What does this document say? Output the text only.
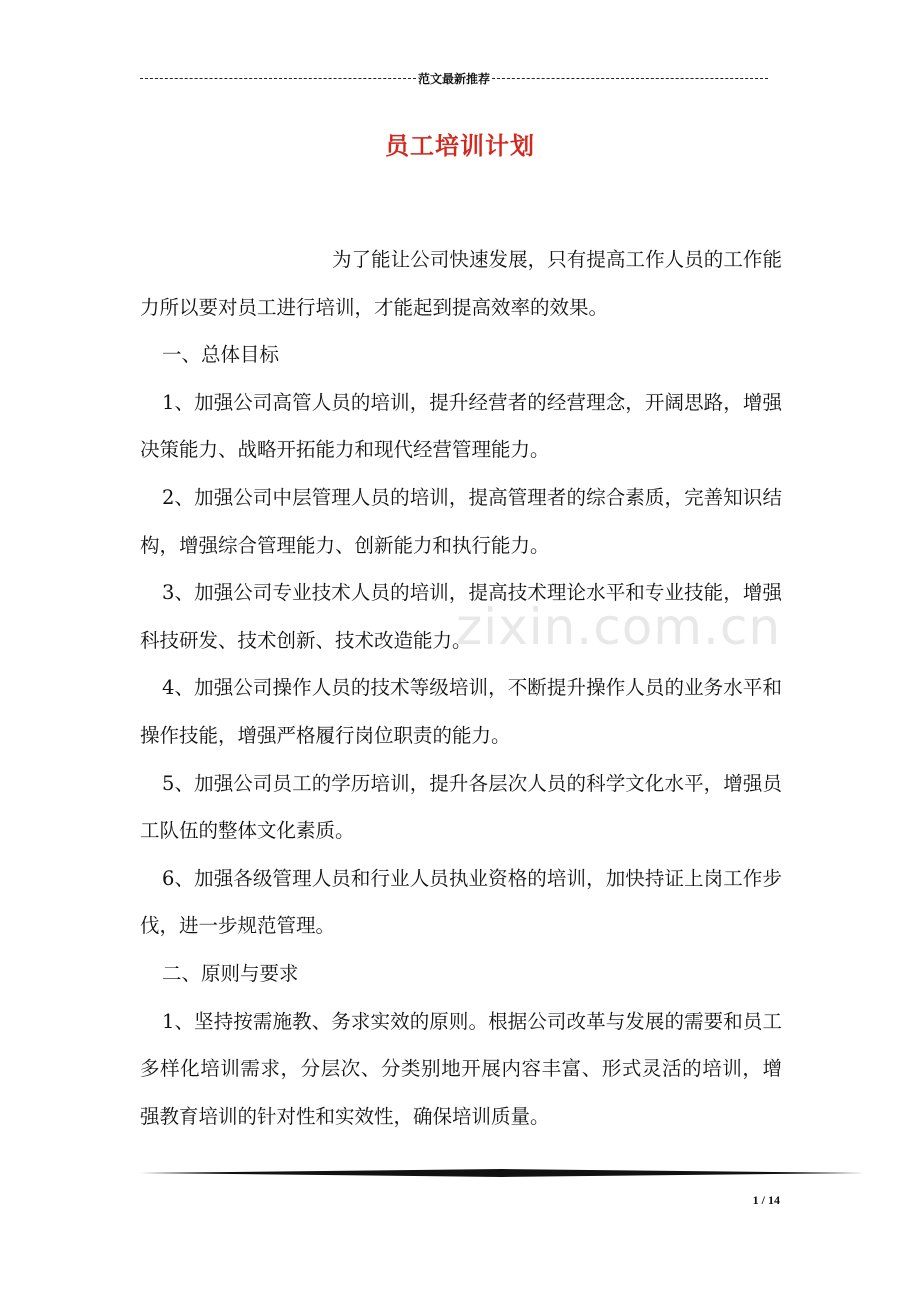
范文最新推荐
员工培训计划

为了能让公司快速发展，只有提高工作人员的工作能力所以要对员工进行培训，才能起到提高效率的效果。

一、总体目标

1、加强公司高管人员的培训，提升经营者的经营理念，开阔思路，增强决策能力、战略开拓能力和现代经营管理能力。

2、加强公司中层管理人员的培训，提高管理者的综合素质，完善知识结构，增强综合管理能力、创新能力和执行能力。

3、加强公司专业技术人员的培训，提高技术理论水平和专业技能，增强科技研发、技术创新、技术改造能力。

4、加强公司操作人员的技术等级培训，不断提升操作人员的业务水平和操作技能，增强严格履行岗位职责的能力。

5、加强公司员工的学历培训，提升各层次人员的科学文化水平，增强员工队伍的整体文化素质。

6、加强各级管理人员和行业人员执业资格的培训，加快持证上岗工作步伐，进一步规范管理。

二、原则与要求

1、坚持按需施教、务求实效的原则。根据公司改革与发展的需要和员工多样化培训需求，分层次、分类别地开展内容丰富、形式灵活的培训，增强教育培训的针对性和实效性，确保培训质量。

zixin.com.cn
1 / 14
